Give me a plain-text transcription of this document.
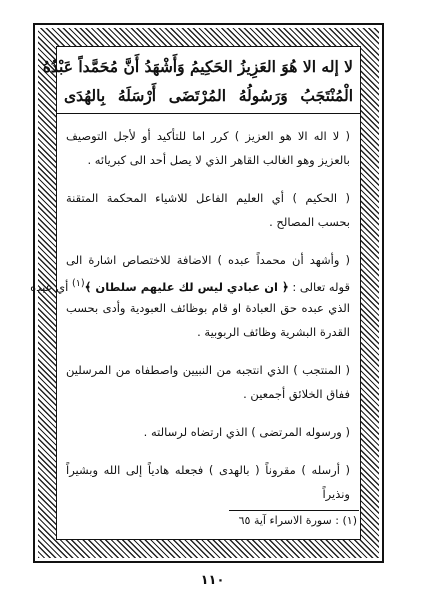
لا إله الا هُوَ العَزِيزُ الحَكِيمُ وَأَشْهَدُ أَنَّ مُحَمَّداً عَبْدُهُ
الْمُنْتَجَبُ وَرَسُولُهُ المُرْتَضَى أَرْسَلَهُ بِالهُدَى
( لا اله الا هو العزيز ) كرر اما للتأكيد أو لأجل التوصيف
بالعزيز وهو الغالب القاهر الذي لا يصل أحد الى كبريائه .
( الحكيم ) أي العليم الفاعل للاشياء المحكمة المتقنة
بحسب المصالح .
( وأشهد أن محمداً عبده ) الاضافة للاختصاص اشارة الى
قوله تعالى : ﴿ ان عبادي ليس لك عليهم سلطان ﴾$^{(١)}$ أي عبده
الذي عبده حق العبادة او قام بوظائف العبودية وأدى بحسب
القدرة البشرية وظائف الربوبية .
( المنتجب ) الذي انتجبه من النبيين واصطفاه من المرسلين
ففاق الخلائق أجمعين .
( ورسوله المرتضى ) الذي ارتضاه لرسالته .
( أرسله ) مقروناً ( بالهدى ) فجعله هادياً إلى الله وبشيراً
ونذيراً
(١) : سورة الاسراء آية ٦٥
١١٠
